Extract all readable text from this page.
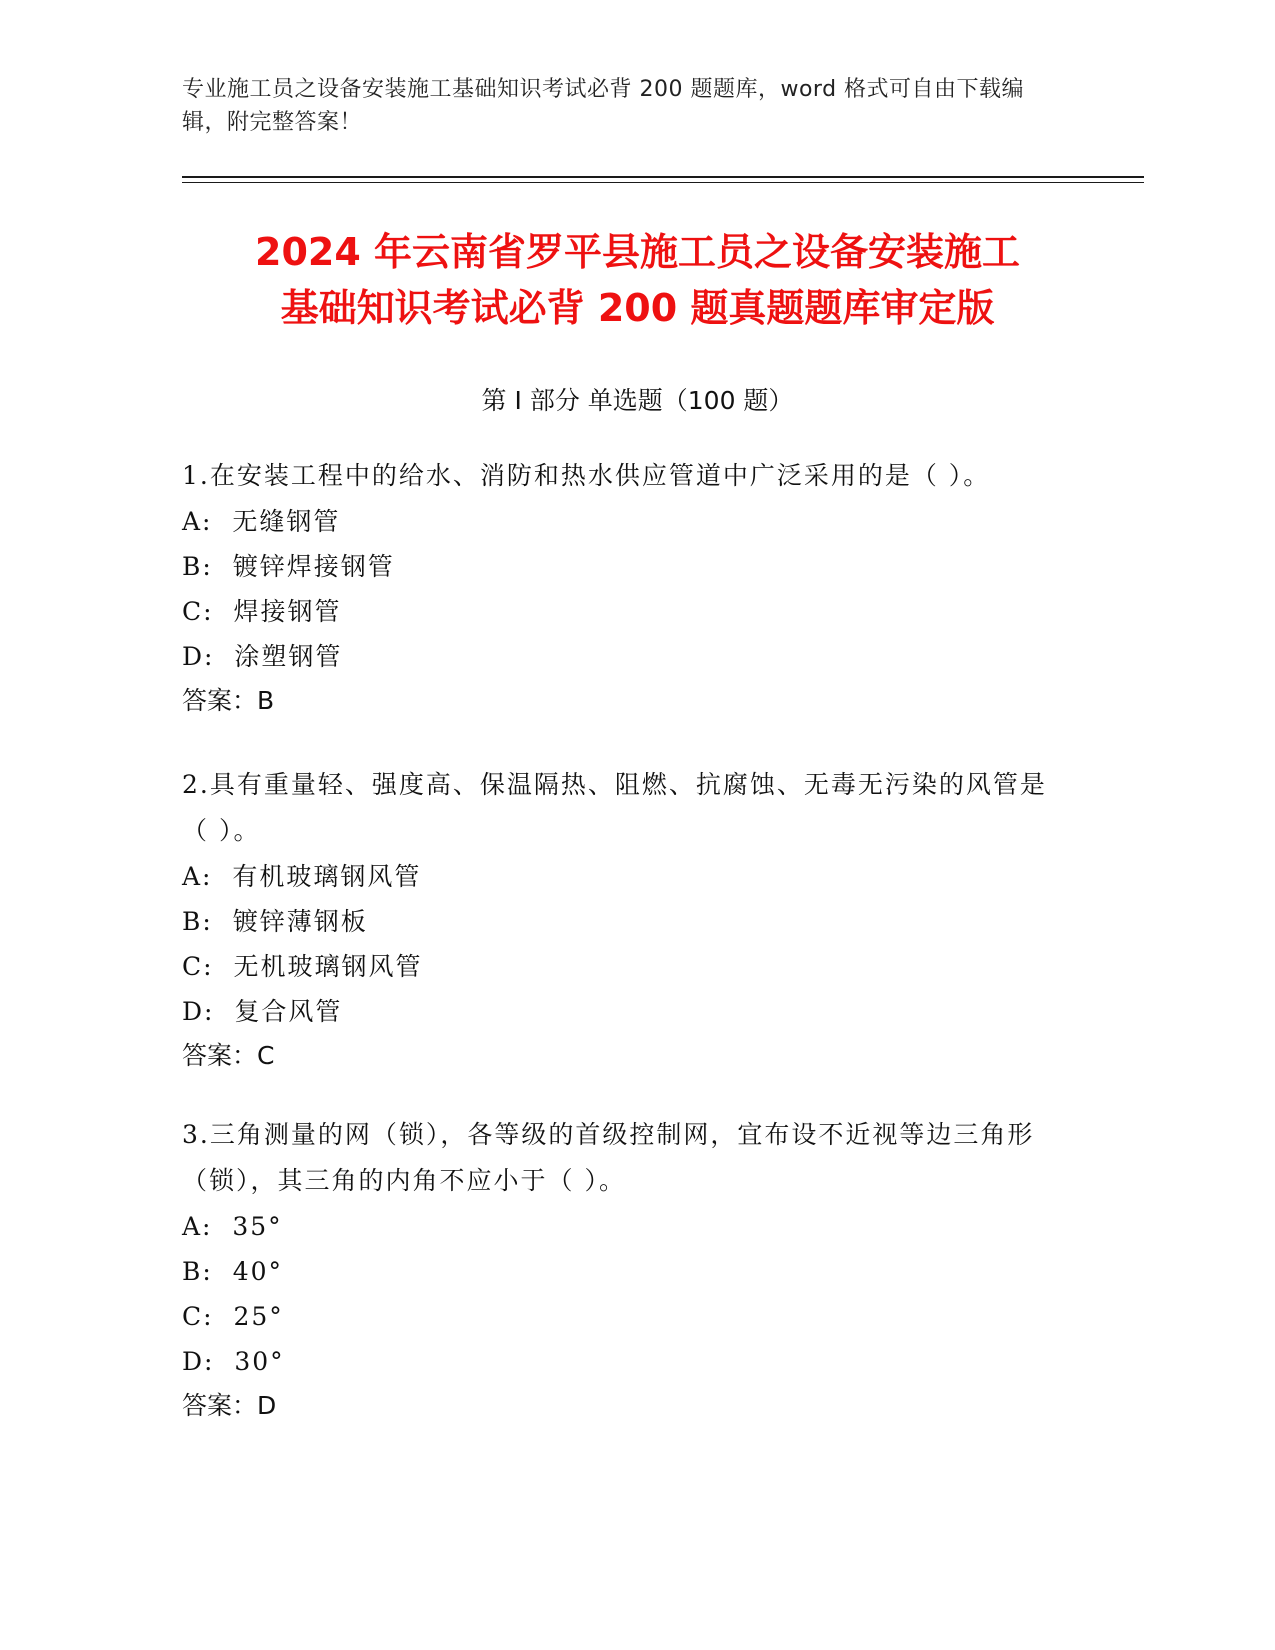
专业施工员之设备安装施工基础知识考试必背 200 题题库，word 格式可自由下载编辑，附完整答案！
2024 年云南省罗平县施工员之设备安装施工
基础知识考试必背 200 题真题题库审定版
第 I 部分 单选题（100 题）

1.在安装工程中的给水、消防和热水供应管道中广泛采用的是（ ）。

A:  无缝钢管
B:  镀锌焊接钢管
C:  焊接钢管
D:  涂塑钢管
答案：B

2.具有重量轻、强度高、保温隔热、阻燃、抗腐蚀、无毒无污染的风管是（ ）。

A:  有机玻璃钢风管
B:  镀锌薄钢板
C:  无机玻璃钢风管
D:  复合风管
答案：C

3.三角测量的网（锁），各等级的首级控制网，宜布设不近视等边三角形（锁），其三角的内角不应小于（ ）。

A:  35°
B:  40°
C:  25°
D:  30°
答案：D
